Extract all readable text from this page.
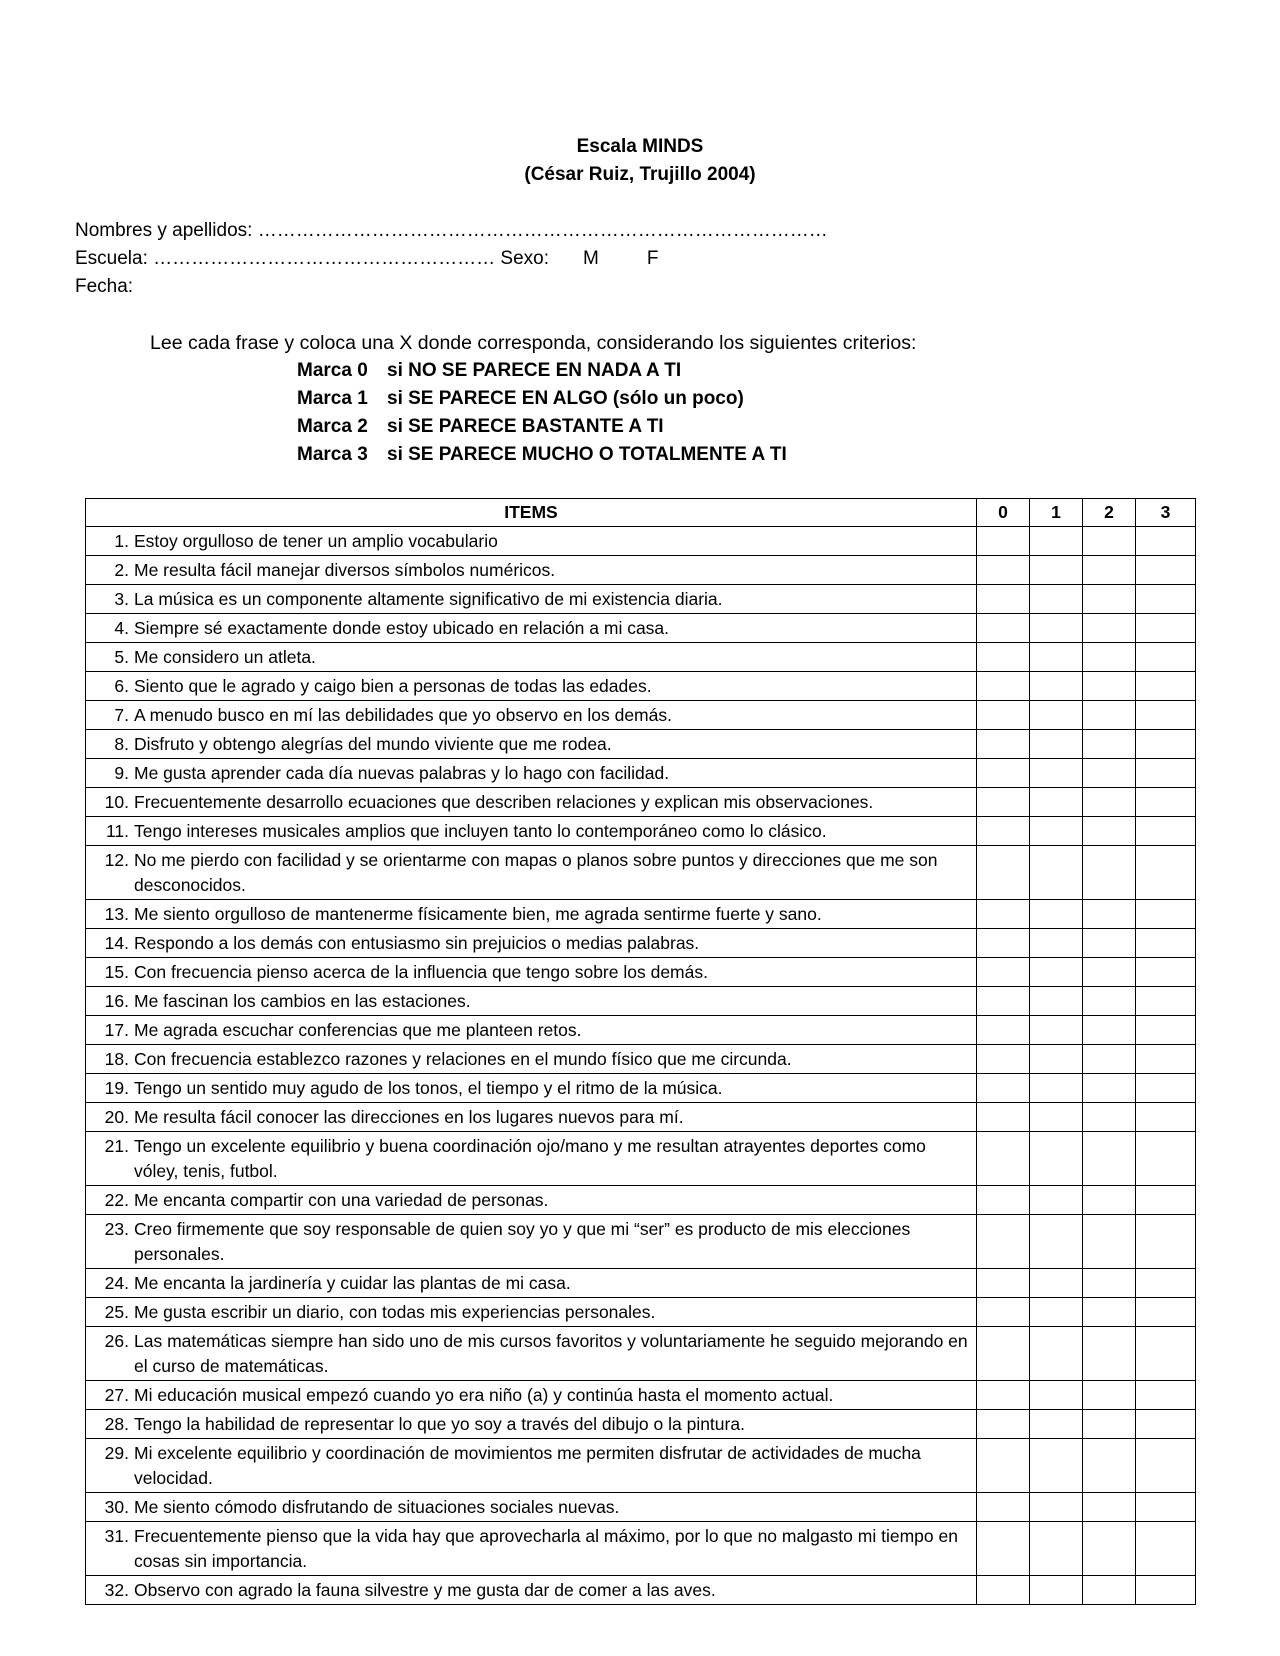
Escala MINDS
(César Ruiz, Trujillo 2004)
Nombres y apellidos: ………………………………………………………………………………
Escuela: ……………………………………………… Sexo: M	F
Fecha:
Lee cada frase y coloca una X donde corresponda, considerando los siguientes criterios:
Marca 0 si NO SE PARECE EN NADA A TI
Marca 1 si SE PARECE EN ALGO (sólo un poco)
Marca 2 si SE PARECE BASTANTE A TI
Marca 3 si SE PARECE MUCHO O TOTALMENTE A TI
ITEMS	0	1	2	3

1. Estoy orgulloso de tener un amplio vocabulario				

2. Me resulta fácil manejar diversos símbolos numéricos.				

3. La música es un componente altamente significativo de mi existencia diaria.				

4. Siempre sé exactamente donde estoy ubicado en relación a mi casa.				

5. Me considero un atleta.				

6. Siento que le agrado y caigo bien a personas de todas las edades.				

7. A menudo busco en mí las debilidades que yo observo en los demás.				

8. Disfruto y obtengo alegrías del mundo viviente que me rodea.				

9. Me gusta aprender cada día nuevas palabras y lo hago con facilidad.				

10. Frecuentemente desarrollo ecuaciones que describen relaciones y explican mis observaciones.				

11. Tengo intereses musicales amplios que incluyen tanto lo contemporáneo como lo clásico.				

12. No me pierdo con facilidad y se orientarme con mapas o planos sobre puntos y direcciones que me son desconocidos.				

13. Me siento orgulloso de mantenerme físicamente bien, me agrada sentirme fuerte y sano.				

14. Respondo a los demás con entusiasmo sin prejuicios o medias palabras.				

15. Con frecuencia pienso acerca de la influencia que tengo sobre los demás.				

16. Me fascinan los cambios en las estaciones.				

17. Me agrada escuchar conferencias que me planteen retos.				

18. Con frecuencia establezco razones y relaciones en el mundo físico que me circunda.				

19. Tengo un sentido muy agudo de los tonos, el tiempo y el ritmo de la música.				

20. Me resulta fácil conocer las direcciones en los lugares nuevos para mí.				

21. Tengo un excelente equilibrio y buena coordinación ojo/mano y me resultan atrayentes deportes como vóley, tenis, futbol.				

22. Me encanta compartir con una variedad de personas.				

23. Creo firmemente que soy responsable de quien soy yo y que mi “ser” es producto de mis elecciones personales.				

24. Me encanta la jardinería y cuidar las plantas de mi casa.				

25. Me gusta escribir un diario, con todas mis experiencias personales.				

26. Las matemáticas siempre han sido uno de mis cursos favoritos y voluntariamente he seguido mejorando en el curso de matemáticas.				

27. Mi educación musical empezó cuando yo era niño (a) y continúa hasta el momento actual.				

28. Tengo la habilidad de representar lo que yo soy a través del dibujo o la pintura.				

29. Mi excelente equilibrio y coordinación de movimientos me permiten disfrutar de actividades de mucha velocidad.				

30. Me siento cómodo disfrutando de situaciones sociales nuevas.				

31. Frecuentemente pienso que la vida hay que aprovecharla al máximo, por lo que no malgasto mi tiempo en cosas sin importancia.				

32. Observo con agrado la fauna silvestre y me gusta dar de comer a las aves.				
